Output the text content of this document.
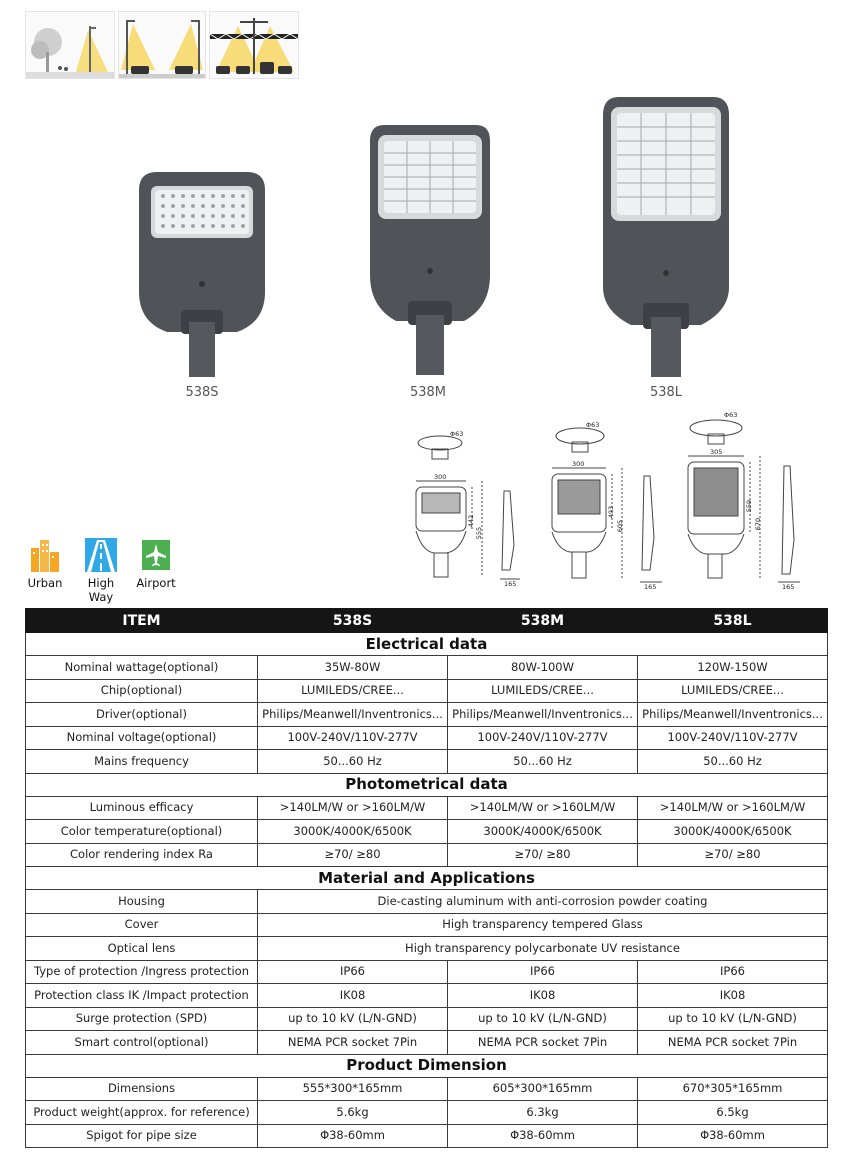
538S	538M	538L
Φ63
300
442
555
165
Φ63
300
493
605
165
Φ63
305
559
670
165
Urban	High Way
Airport
ITEM	538S	538M	538L
Electrical data			
Nominal wattage(optional)	35W-80W	80W-100W	120W-150W
Chip(optional)	LUMILEDS/CREE...	LUMILEDS/CREE...	LUMILEDS/CREE...
Driver(optional)	Philips/Meanwell/Inventronics...	Philips/Meanwell/Inventronics...	Philips/Meanwell/Inventronics...
Nominal voltage(optional)	100V-240V/110V-277V	100V-240V/110V-277V	100V-240V/110V-277V
Mains frequency	50...60 Hz	50...60 Hz	50...60 Hz
Photometrical data			
Luminous efficacy	>140LM/W or >160LM/W	>140LM/W or >160LM/W	>140LM/W or >160LM/W
Color temperature(optional)	3000K/4000K/6500K	3000K/4000K/6500K	3000K/4000K/6500K
Color rendering index Ra	≥70/ ≥80	≥70/ ≥80	≥70/ ≥80
Material and Applications			
Housing	Die-casting aluminum with anti-corrosion powder coating		
Cover	High transparency tempered Glass		
Optical lens	High transparency polycarbonate UV resistance		
Type of protection /Ingress protection	IP66	IP66	IP66
Protection class IK /Impact protection	IK08	IK08	IK08
Surge protection (SPD)	up to 10 kV (L/N-GND)	up to 10 kV (L/N-GND)	up to 10 kV (L/N-GND)
Smart control(optional)	NEMA PCR socket 7Pin	NEMA PCR socket 7Pin	NEMA PCR socket 7Pin
Product Dimension			
Dimensions	555*300*165mm	605*300*165mm	670*305*165mm
Product weight(approx. for reference)	5.6kg	6.3kg	6.5kg
Spigot for pipe size	Φ38-60mm	Φ38-60mm	Φ38-60mm
